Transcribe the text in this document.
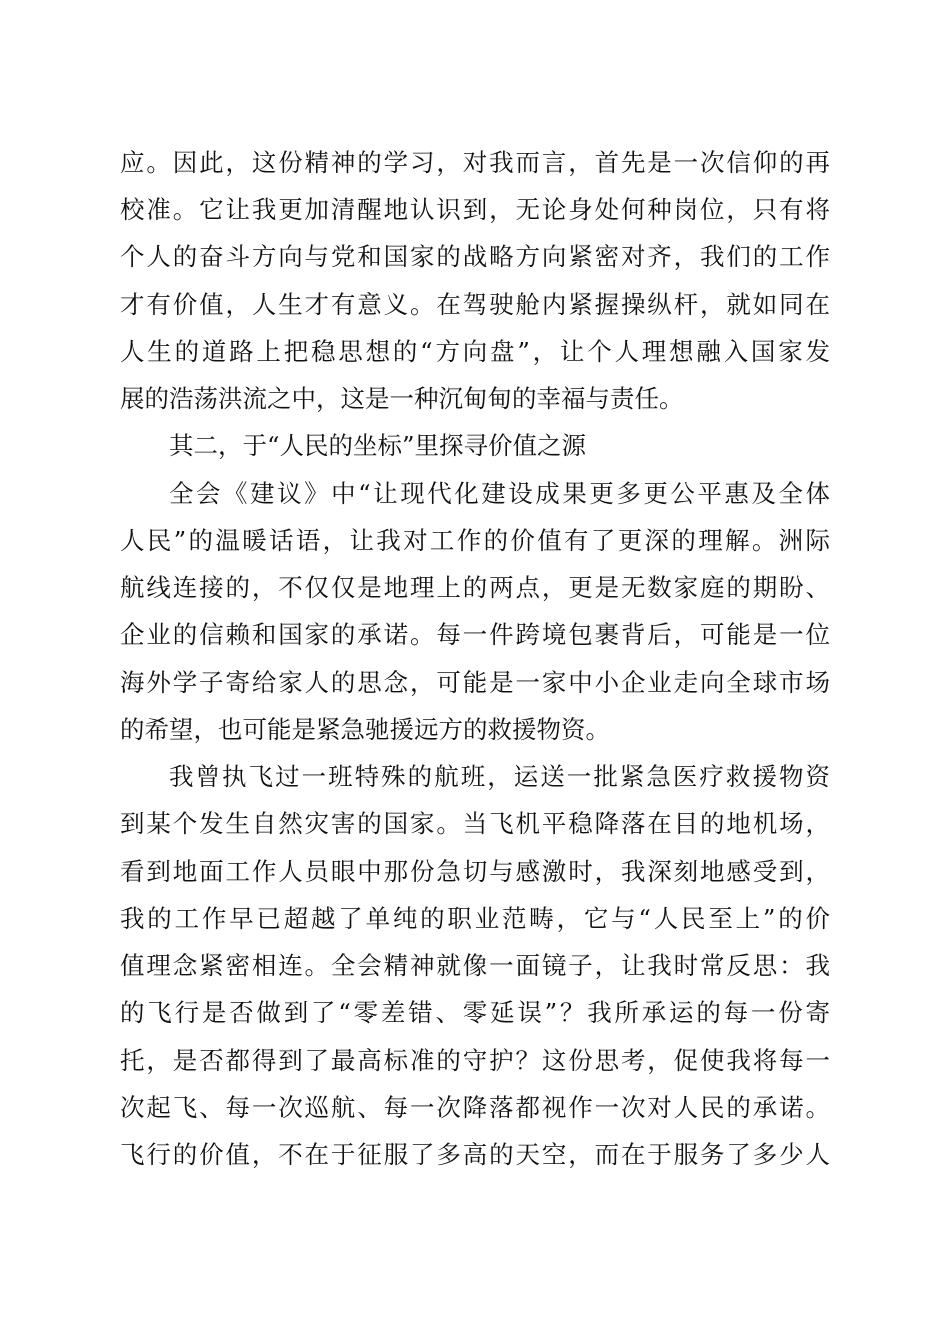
应。因此，这份精神的学习，对我而言，首先是一次信仰的再
校准。它让我更加清醒地认识到，无论身处何种岗位，只有将
个人的奋斗方向与党和国家的战略方向紧密对齐，我们的工作
才有价值，人生才有意义。在驾驶舱内紧握操纵杆，就如同在
人生的道路上把稳思想的“方向盘”，让个人理想融入国家发
展的浩荡洪流之中，这是一种沉甸甸的幸福与责任。
其二，于“人民的坐标”里探寻价值之源
全会《建议》中“让现代化建设成果更多更公平惠及全体
人民”的温暖话语，让我对工作的价值有了更深的理解。洲际
航线连接的，不仅仅是地理上的两点，更是无数家庭的期盼、
企业的信赖和国家的承诺。每一件跨境包裹背后，可能是一位
海外学子寄给家人的思念，可能是一家中小企业走向全球市场
的希望，也可能是紧急驰援远方的救援物资。
我曾执飞过一班特殊的航班，运送一批紧急医疗救援物资
到某个发生自然灾害的国家。当飞机平稳降落在目的地机场，
看到地面工作人员眼中那份急切与感激时，我深刻地感受到，
我的工作早已超越了单纯的职业范畴，它与“人民至上”的价
值理念紧密相连。全会精神就像一面镜子，让我时常反思：我
的飞行是否做到了“零差错、零延误”？我所承运的每一份寄
托，是否都得到了最高标准的守护？这份思考，促使我将每一
次起飞、每一次巡航、每一次降落都视作一次对人民的承诺。
飞行的价值，不在于征服了多高的天空，而在于服务了多少人
